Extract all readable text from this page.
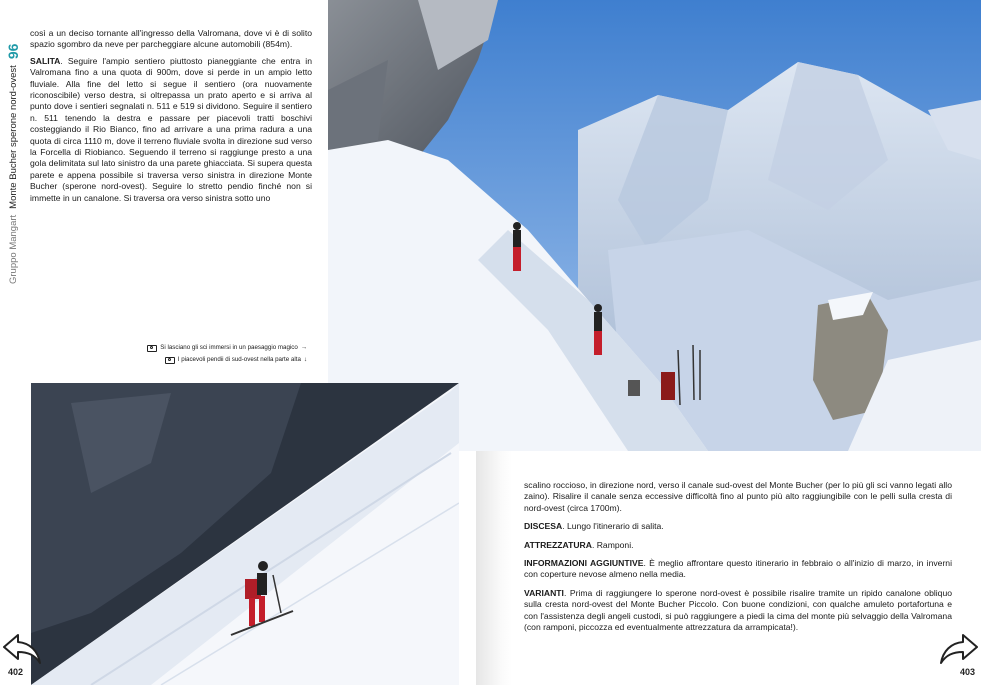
Gruppo Mangart
Monte Bucher sperone nord-ovest
96

così a un deciso tornante all'ingresso della Valromana, dove vi è di solito spazio sgombro da neve per parcheggiare alcune automobili (854m).

SALITA. Seguire l'ampio sentiero piuttosto pianeggiante che entra in Valromana fino a una quota di 900m, dove si perde in un ampio letto fluviale. Alla fine del letto si segue il sentiero (ora nuovamente riconoscibile) verso destra, si oltrepassa un prato aperto e si arriva al punto dove i sentieri segnalati n. 511 e 519 si dividono. Seguire il sentiero n. 511 tenendo la destra e passare per piacevoli tratti boschivi costeggiando il Rio Bianco, fino ad arrivare a una prima radura a una quota di circa 1110 m, dove il terreno fluviale svolta in direzione sud verso la Forcella di Riobianco. Seguendo il terreno si raggiunge presto a una gola delimitata sul lato sinistro da una parete ghiacciata. Si supera questa parete e appena possibile si traversa verso sinistra in direzione Monte Bucher (sperone nord-ovest). Seguire lo stretto pendio finché non si immette in un canalone. Si traversa ora verso sinistra sotto uno

Si lasciano gli sci immersi in un paesaggio magico →
I piacevoli pendii di sud-ovest nella parte alta ↓

scalino roccioso, in direzione nord, verso il canale sud-ovest del Monte Bucher (per lo più gli sci vanno legati allo zaino). Risalire il canale senza eccessive difficoltà fino al punto più alto raggiungibile con le pelli sulla cresta di nord-ovest (circa 1700m).

DISCESA. Lungo l'itinerario di salita.

ATTREZZATURA. Ramponi.

INFORMAZIONI AGGIUNTIVE. È meglio affrontare questo itinerario in febbraio o all'inizio di marzo, in inverni con coperture nevose almeno nella media.

VARIANTI. Prima di raggiungere lo sperone nord-ovest è possibile risalire tramite un ripido canalone obliquo sulla cresta nord-ovest del Monte Bucher Piccolo. Con buone condizioni, con qualche amuleto portafortuna e con l'assistenza degli angeli custodi, si può raggiungere a piedi la cima del monte più selvaggio della Valromana (con ramponi, piccozza ed eventualmente attrezzatura da arrampicata!).

402	403
